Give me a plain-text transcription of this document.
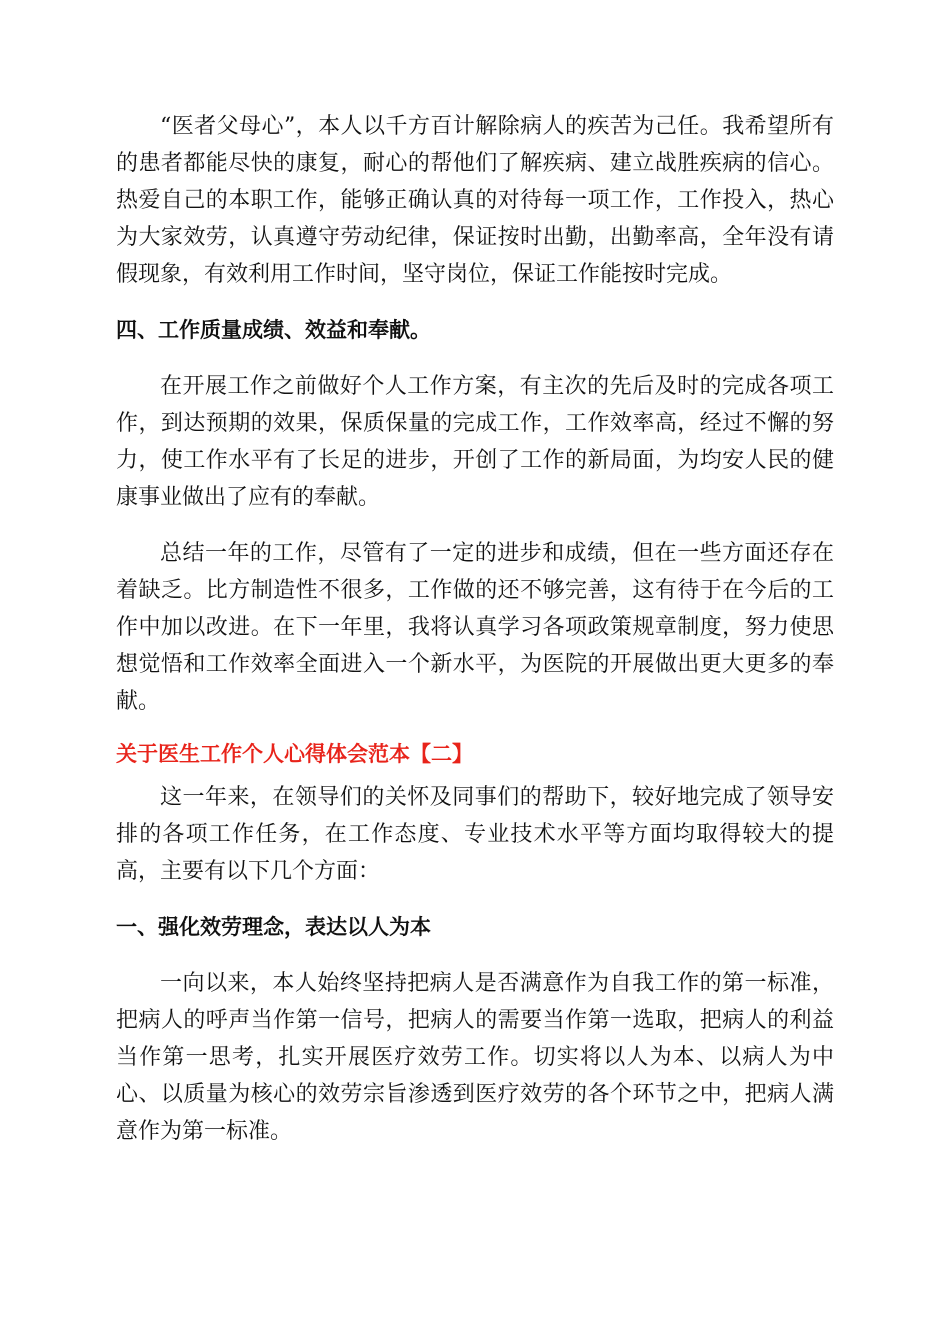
“医者父母心”，本人以千方百计解除病人的疾苦为己任。我希望所有的患者都能尽快的康复，耐心的帮他们了解疾病、建立战胜疾病的信心。热爱自己的本职工作，能够正确认真的对待每一项工作，工作投入，热心为大家效劳，认真遵守劳动纪律，保证按时出勤，出勤率高，全年没有请假现象，有效利用工作时间，坚守岗位，保证工作能按时完成。

四、工作质量成绩、效益和奉献。

在开展工作之前做好个人工作方案，有主次的先后及时的完成各项工作，到达预期的效果，保质保量的完成工作，工作效率高，经过不懈的努力，使工作水平有了长足的进步，开创了工作的新局面，为均安人民的健康事业做出了应有的奉献。

总结一年的工作，尽管有了一定的进步和成绩，但在一些方面还存在着缺乏。比方制造性不很多，工作做的还不够完善，这有待于在今后的工作中加以改进。在下一年里，我将认真学习各项政策规章制度，努力使思想觉悟和工作效率全面进入一个新水平，为医院的开展做出更大更多的奉献。

关于医生工作个人心得体会范本【二】

这一年来，在领导们的关怀及同事们的帮助下，较好地完成了领导安排的各项工作任务，在工作态度、专业技术水平等方面均取得较大的提高，主要有以下几个方面：

一、强化效劳理念，表达以人为本

一向以来，本人始终坚持把病人是否满意作为自我工作的第一标准，把病人的呼声当作第一信号，把病人的需要当作第一选取，把病人的利益当作第一思考，扎实开展医疗效劳工作。切实将以人为本、以病人为中心、以质量为核心的效劳宗旨渗透到医疗效劳的各个环节之中，把病人满意作为第一标准。
